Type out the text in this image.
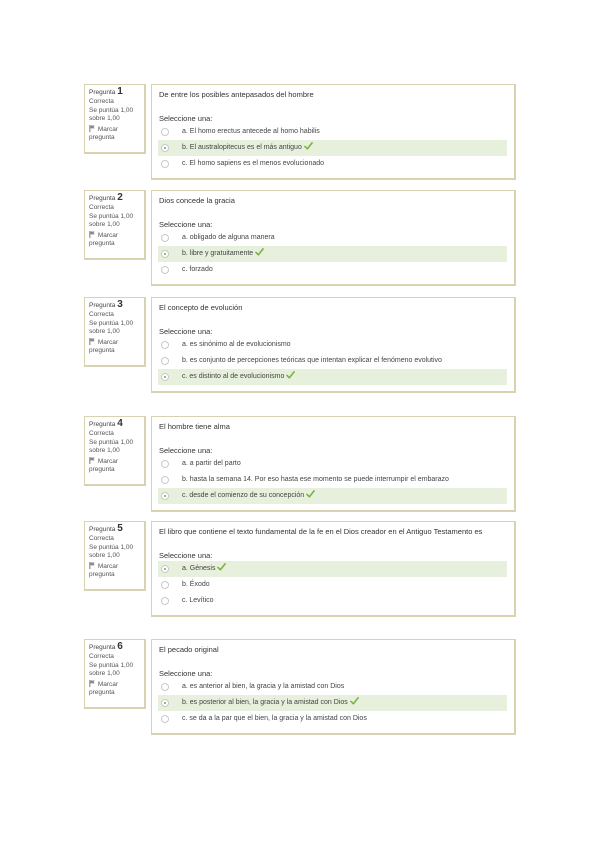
Pregunta 1
Correcta
Se puntúa 1,00 sobre 1,00
Marcar pregunta
De entre los posibles antepasados del hombre
Seleccione una:
a. El homo erectus antecede al homo habilis
b. El australopitecus es el más antiguo
c. El homo sapiens es el menos evolucionado
Pregunta 2
Correcta
Se puntúa 1,00 sobre 1,00
Marcar pregunta
Dios concede la gracia
Seleccione una:
a. obligado de alguna manera
b. libre y gratuitamente
c. forzado
Pregunta 3
Correcta
Se puntúa 1,00 sobre 1,00
Marcar pregunta
El concepto de evolución
Seleccione una:
a. es sinónimo al de evolucionismo
b. es conjunto de percepciones teóricas que intentan explicar el fenómeno evolutivo
c. es distinto al de evolucionismo
Pregunta 4
Correcta
Se puntúa 1,00 sobre 1,00
Marcar pregunta
El hombre tiene alma
Seleccione una:
a. a partir del parto
b. hasta la semana 14. Por eso hasta ese momento se puede interrumpir el embarazo
c. desde el comienzo de su concepción
Pregunta 5
Correcta
Se puntúa 1,00 sobre 1,00
Marcar pregunta
El libro que contiene el texto fundamental de la fe en el Dios creador en el Antiguo Testamento es
Seleccione una:
a. Génesis
b. Éxodo
c. Levítico
Pregunta 6
Correcta
Se puntúa 1,00 sobre 1,00
Marcar pregunta
El pecado original
Seleccione una:
a. es anterior al bien, la gracia y la amistad con Dios
b. es posterior al bien, la gracia y la amistad con Dios
c. se da a la par que el bien, la gracia y la amistad con Dios
